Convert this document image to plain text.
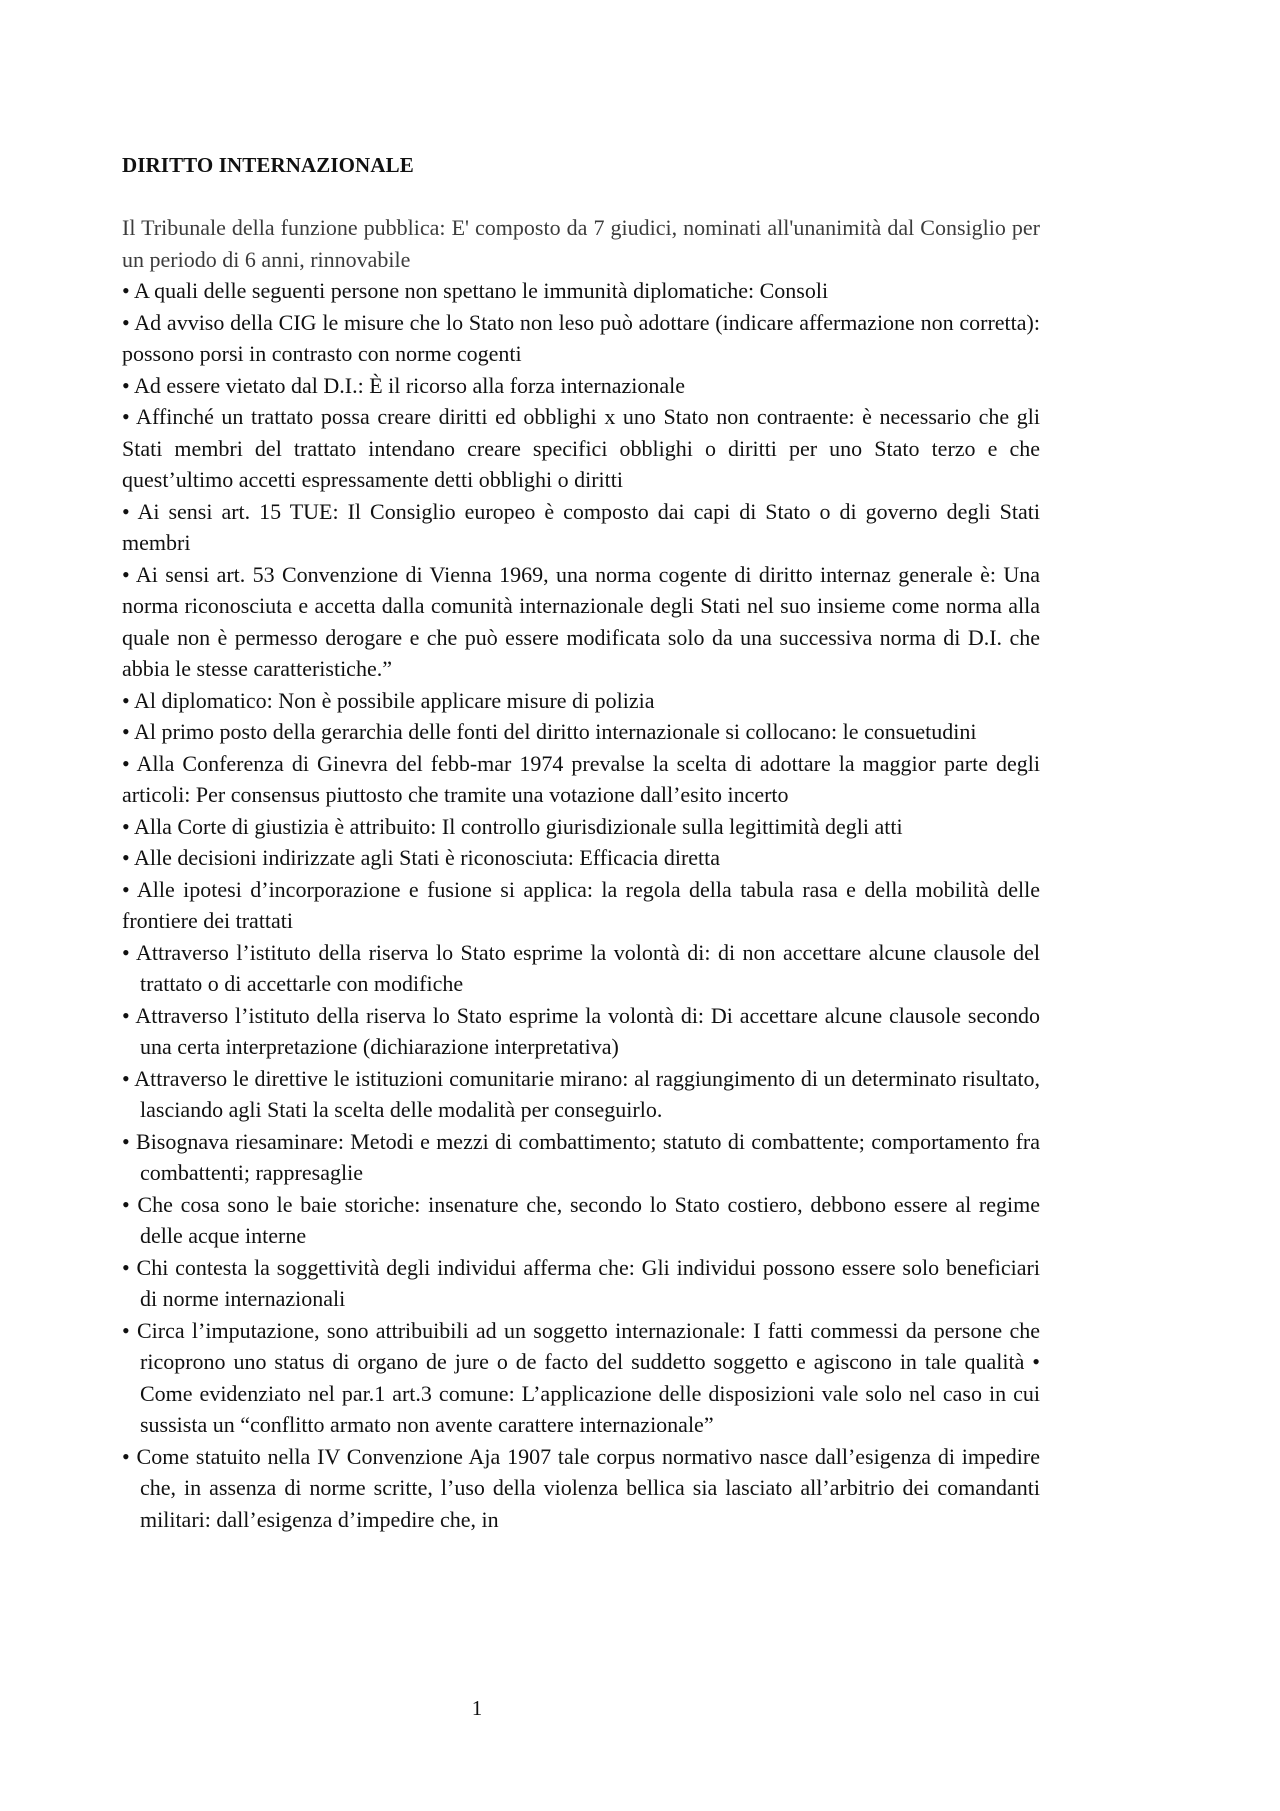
DIRITTO INTERNAZIONALE

Il Tribunale della funzione pubblica: E' composto da 7 giudici, nominati all'unanimità dal Consiglio per un periodo di 6 anni, rinnovabile

• A quali delle seguenti persone non spettano le immunità diplomatiche: Consoli

• Ad avviso della CIG le misure che lo Stato non leso può adottare (indicare affermazione non corretta): possono porsi in contrasto con norme cogenti

• Ad essere vietato dal D.I.: È il ricorso alla forza internazionale

• Affinché un trattato possa creare diritti ed obblighi x uno Stato non contraente: è necessario che gli Stati membri del trattato intendano creare specifici obblighi o diritti per uno Stato terzo e che quest’ultimo accetti espressamente detti obblighi o diritti

• Ai sensi art. 15 TUE: Il Consiglio europeo è composto dai capi di Stato o di governo degli Stati membri

• Ai sensi art. 53 Convenzione di Vienna 1969, una norma cogente di diritto internaz generale è: Una norma riconosciuta e accetta dalla comunità internazionale degli Stati nel suo insieme come norma alla quale non è permesso derogare e che può essere modificata solo da una successiva norma di D.I. che abbia le stesse caratteristiche.”

• Al diplomatico: Non è possibile applicare misure di polizia

• Al primo posto della gerarchia delle fonti del diritto internazionale si collocano: le consuetudini

• Alla Conferenza di Ginevra del febb-mar 1974 prevalse la scelta di adottare la maggior parte degli articoli: Per consensus piuttosto che tramite una votazione dall’esito incerto

• Alla Corte di giustizia è attribuito: Il controllo giurisdizionale sulla legittimità degli atti

• Alle decisioni indirizzate agli Stati è riconosciuta: Efficacia diretta

• Alle ipotesi d’incorporazione e fusione si applica: la regola della tabula rasa e della mobilità delle frontiere dei trattati

• Attraverso l’istituto della riserva lo Stato esprime la volontà di: di non accettare alcune clausole del trattato o di accettarle con modifiche

• Attraverso l’istituto della riserva lo Stato esprime la volontà di: Di accettare alcune clausole secondo una certa interpretazione (dichiarazione interpretativa)

• Attraverso le direttive le istituzioni comunitarie mirano: al raggiungimento di un determinato risultato, lasciando agli Stati la scelta delle modalità per conseguirlo.

• Bisognava riesaminare: Metodi e mezzi di combattimento; statuto di combattente; comportamento fra combattenti; rappresaglie

• Che cosa sono le baie storiche: insenature che, secondo lo Stato costiero, debbono essere al regime delle acque interne

• Chi contesta la soggettività degli individui afferma che: Gli individui possono essere solo beneficiari di norme internazionali

• Circa l’imputazione, sono attribuibili ad un soggetto internazionale: I fatti commessi da persone che ricoprono uno status di organo de jure o de facto del suddetto soggetto e agiscono in tale qualità • Come evidenziato nel par.1 art.3 comune: L’applicazione delle disposizioni vale solo nel caso in cui sussista un “conflitto armato non avente carattere internazionale”

• Come statuito nella IV Convenzione Aja 1907 tale corpus normativo nasce dall’esigenza di impedire che, in assenza di norme scritte, l’uso della violenza bellica sia lasciato all’arbitrio dei comandanti militari: dall’esigenza d’impedire che, in

1
